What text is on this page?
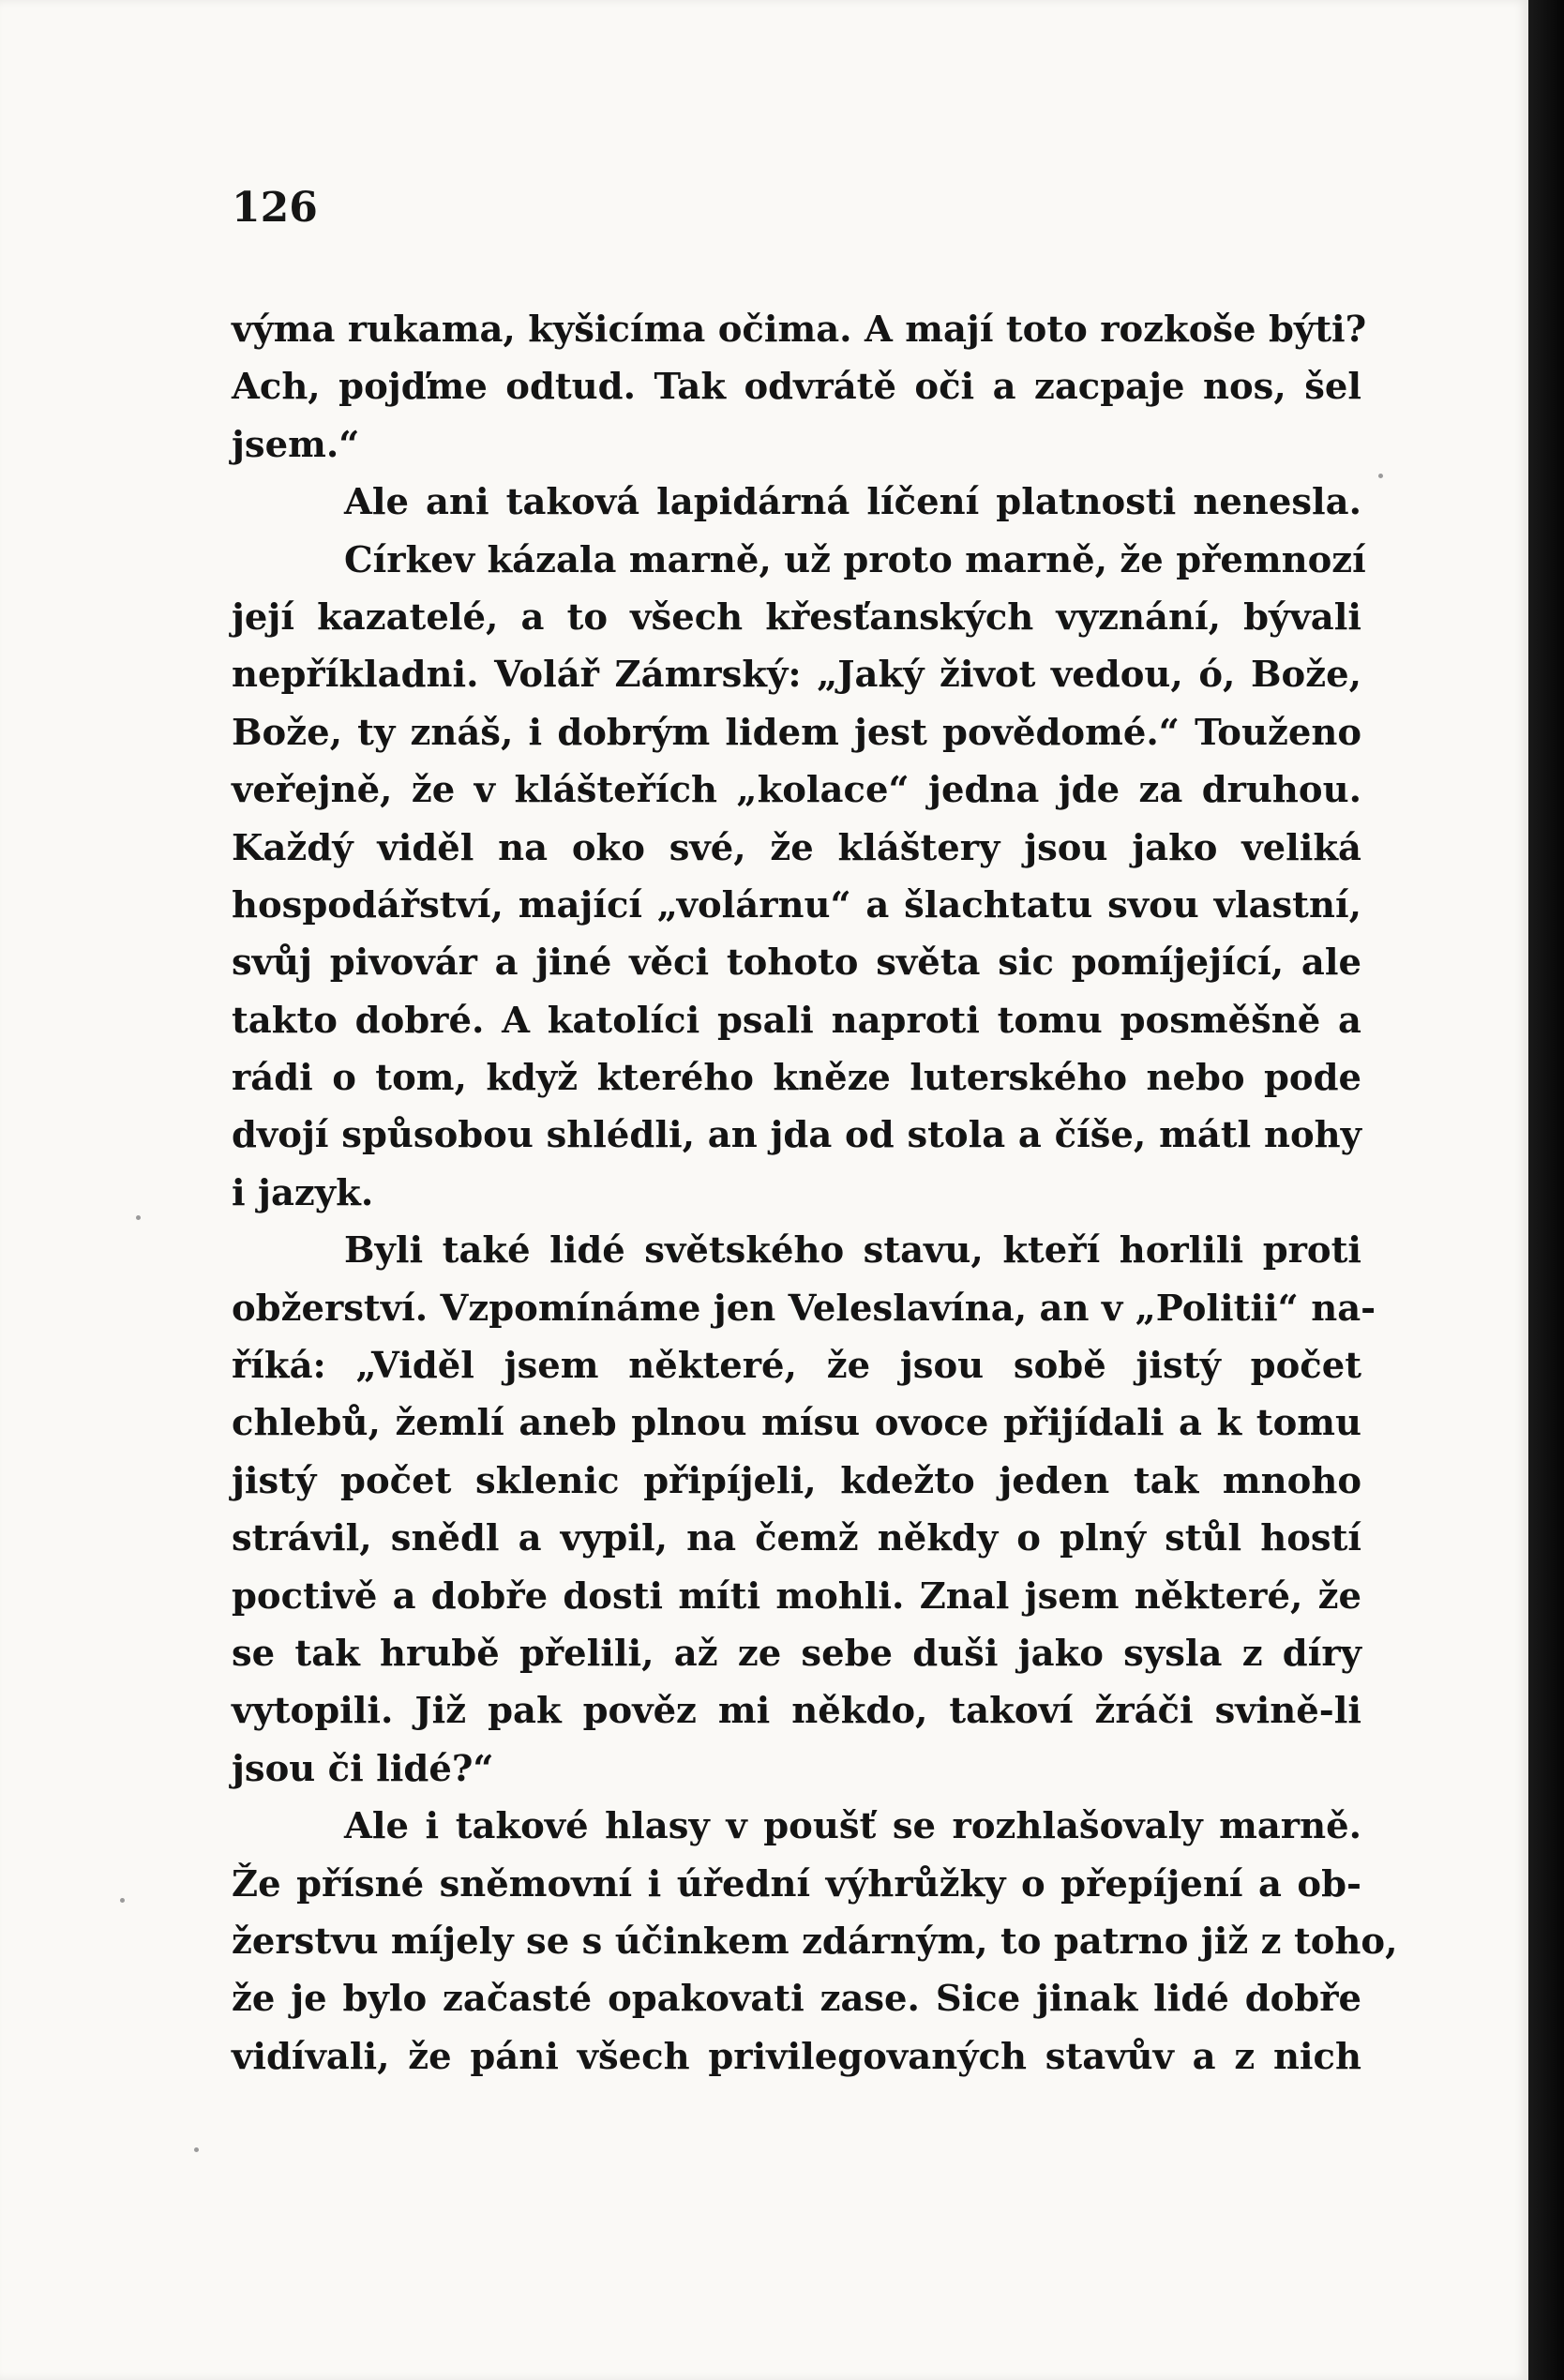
126

výma rukama, kyšicíma očima. A mají toto rozkoše býti?
Ach, pojďme odtud. Tak odvrátě oči a zacpaje nos, šel
jsem.“
Ale ani taková lapidárná líčení platnosti nenesla.
Církev kázala marně, už proto marně, že přemnozí
její kazatelé, a to všech křesťanských vyznání, bývali
nepříkladni. Volář Zámrský: „Jaký život vedou, ó, Bože,
Bože, ty znáš, i dobrým lidem jest povědomé.“ Touženo
veřejně, že v klášteřích „kolace“ jedna jde za druhou.
Každý viděl na oko své, že kláštery jsou jako veliká
hospodářství, mající „volárnu“ a šlachtatu svou vlastní,
svůj pivovár a jiné věci tohoto světa sic pomíjející, ale
takto dobré. A katolíci psali naproti tomu posměšně a
rádi o tom, když kterého kněze luterského nebo pode
dvojí spůsobou shlédli, an jda od stola a číše, mátl nohy
i jazyk.
Byli také lidé světského stavu, kteří horlili proti
obžerství. Vzpomínáme jen Veleslavína, an v „Politii“ na-
říká: „Viděl jsem některé, že jsou sobě jistý počet
chlebů, žemlí aneb plnou mísu ovoce přijídali a k tomu
jistý počet sklenic připíjeli, kdežto jeden tak mnoho
strávil, snědl a vypil, na čemž někdy o plný stůl hostí
poctivě a dobře dosti míti mohli. Znal jsem některé, že
se tak hrubě přelili, až ze sebe duši jako sysla z díry
vytopili. Již pak pověz mi někdo, takoví žráči svině-li
jsou či lidé?“
Ale i takové hlasy v poušť se rozhlašovaly marně.
Že přísné sněmovní i úřední výhrůžky o přepíjení a ob-
žerstvu míjely se s účinkem zdárným, to patrno již z toho,
že je bylo začasté opakovati zase. Sice jinak lidé dobře
vidívali, že páni všech privilegovaných stavův a z nich
